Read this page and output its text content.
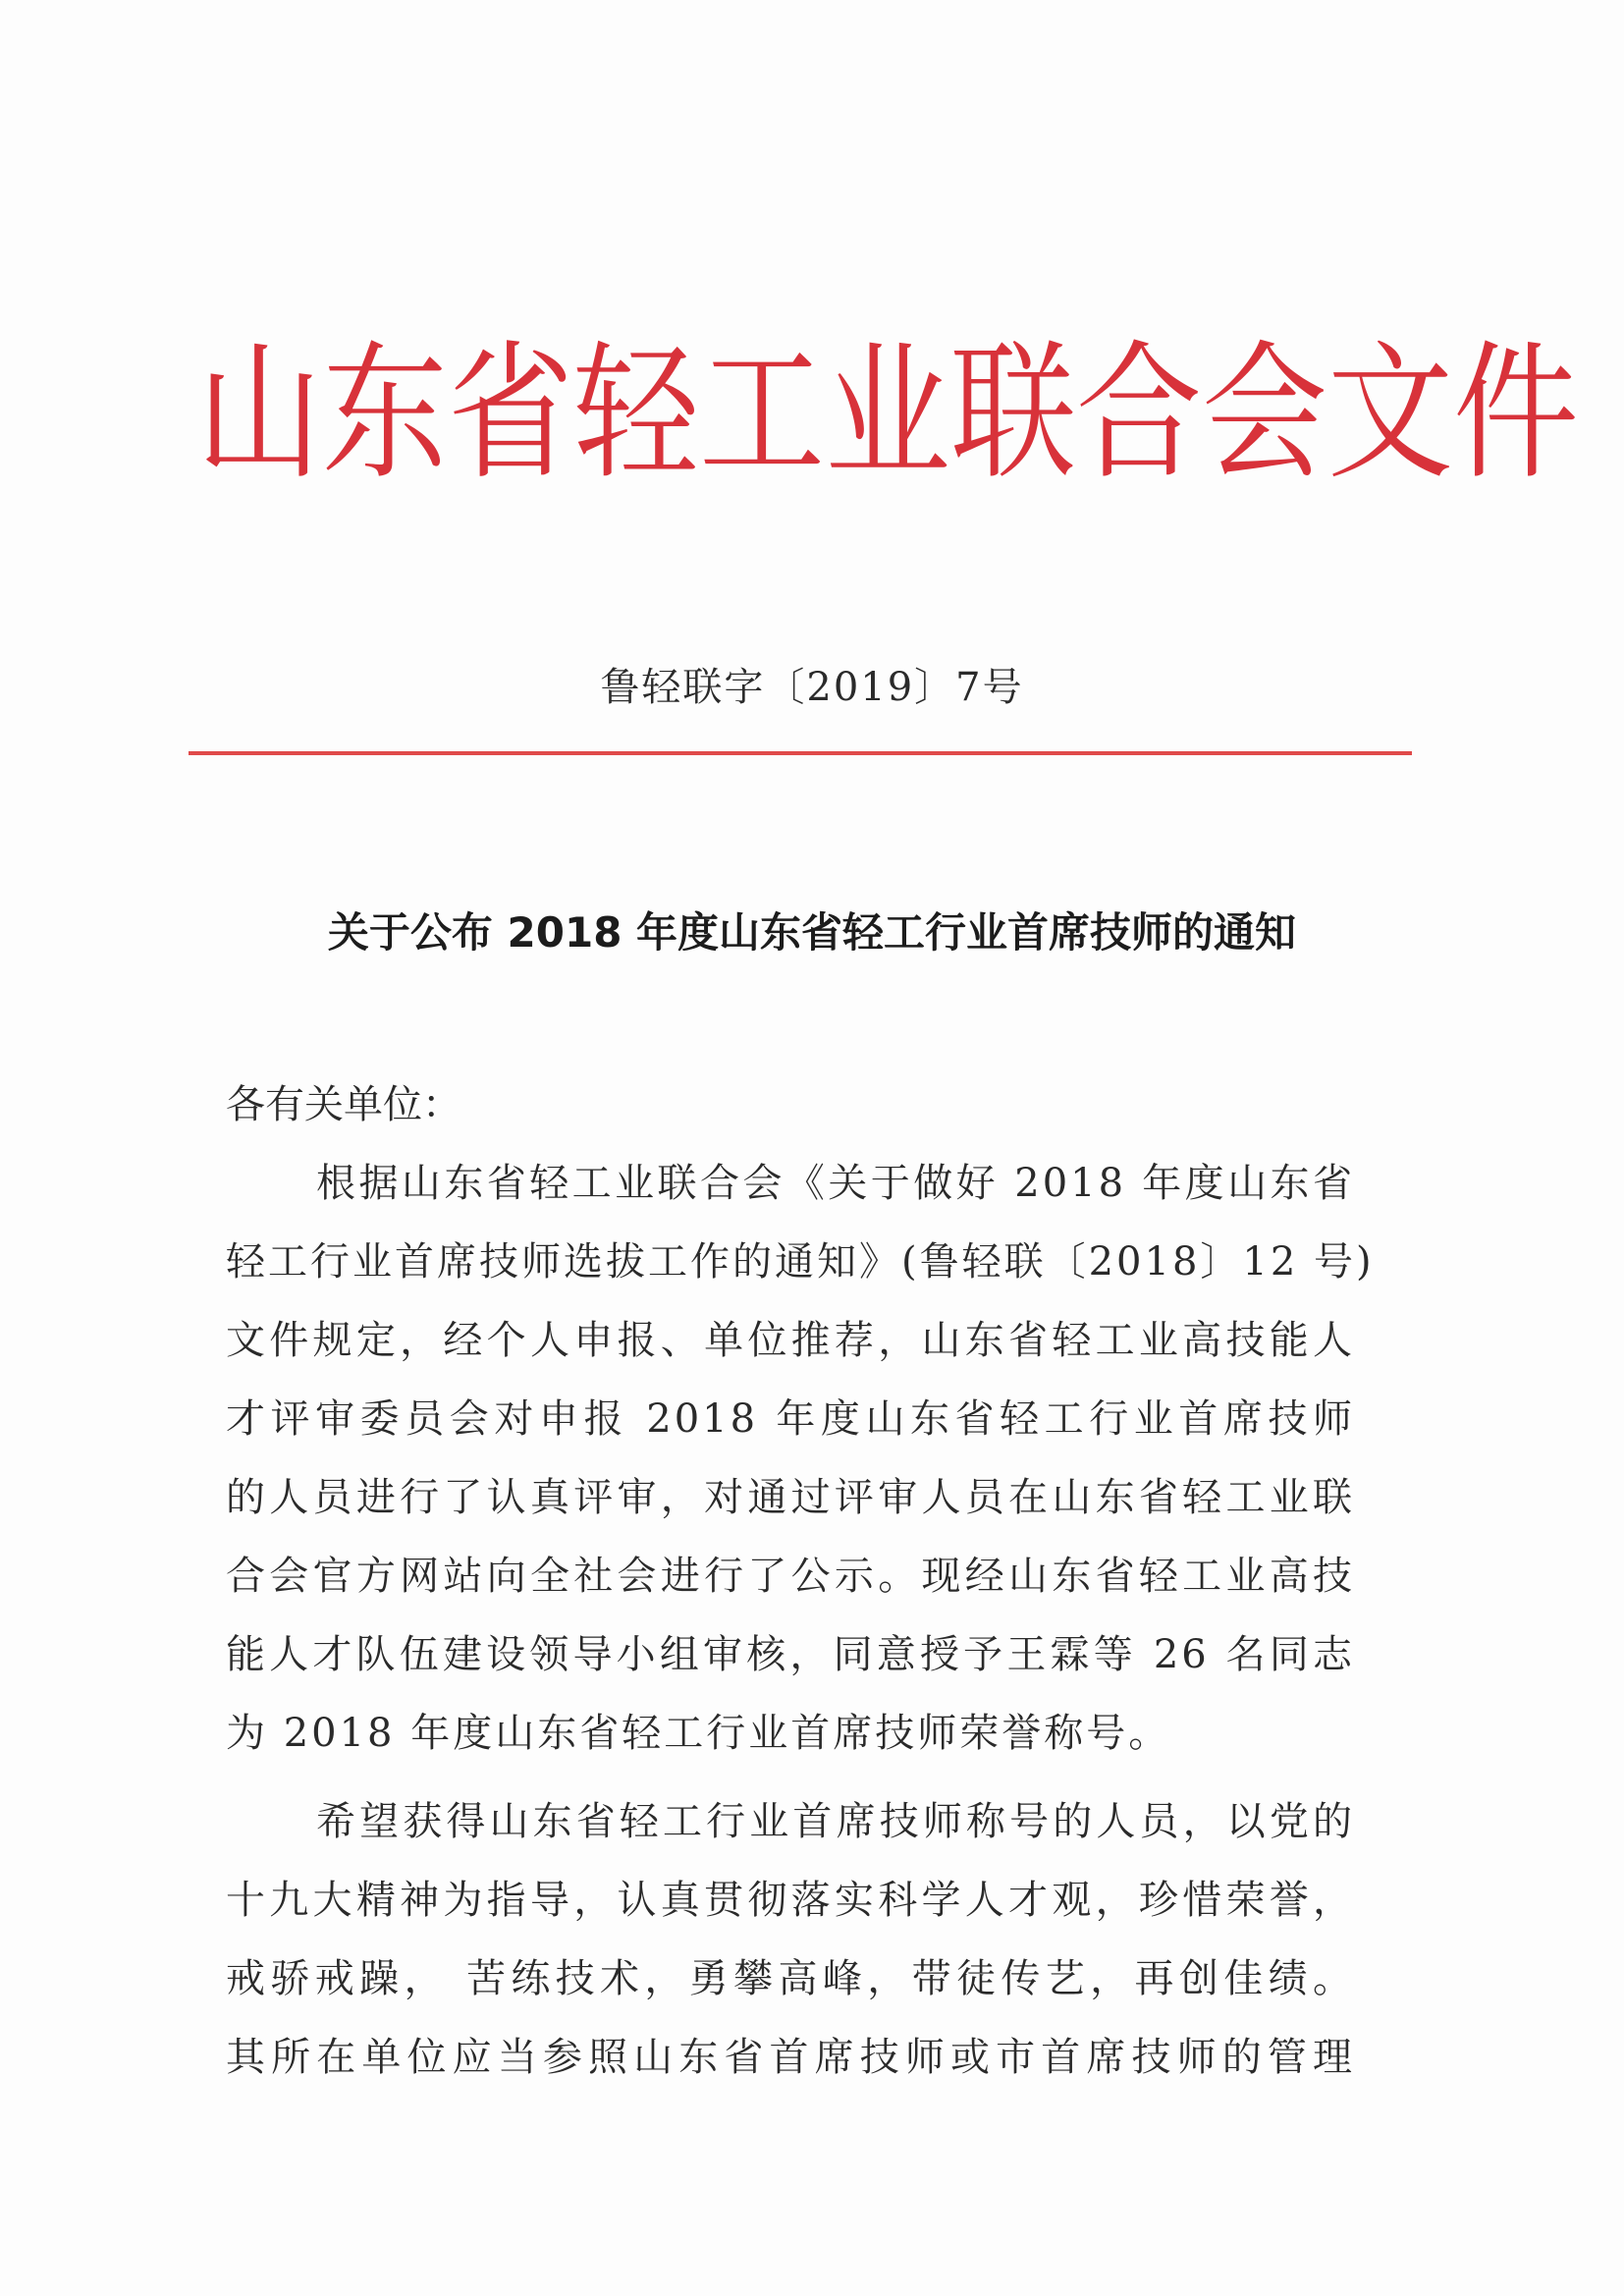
山东省轻工业联合会文件
鲁轻联字〔2019〕7号
关于公布 2018 年度山东省轻工行业首席技师的通知
各有关单位：
根据山东省轻工业联合会《关于做好 2018 年度山东省
轻工行业首席技师选拔工作的通知》(鲁轻联〔2018〕12 号)
文件规定，经个人申报、单位推荐，山东省轻工业高技能人
才评审委员会对申报 2018 年度山东省轻工行业首席技师
的人员进行了认真评审，对通过评审人员在山东省轻工业联
合会官方网站向全社会进行了公示。现经山东省轻工业高技
能人才队伍建设领导小组审核，同意授予王霖等 26 名同志
为 2018 年度山东省轻工行业首席技师荣誉称号。
希望获得山东省轻工行业首席技师称号的人员，以党的
十九大精神为指导，认真贯彻落实科学人才观，珍惜荣誉，
戒骄戒躁， 苦练技术，勇攀高峰，带徒传艺，再创佳绩。
其所在单位应当参照山东省首席技师或市首席技师的管理
